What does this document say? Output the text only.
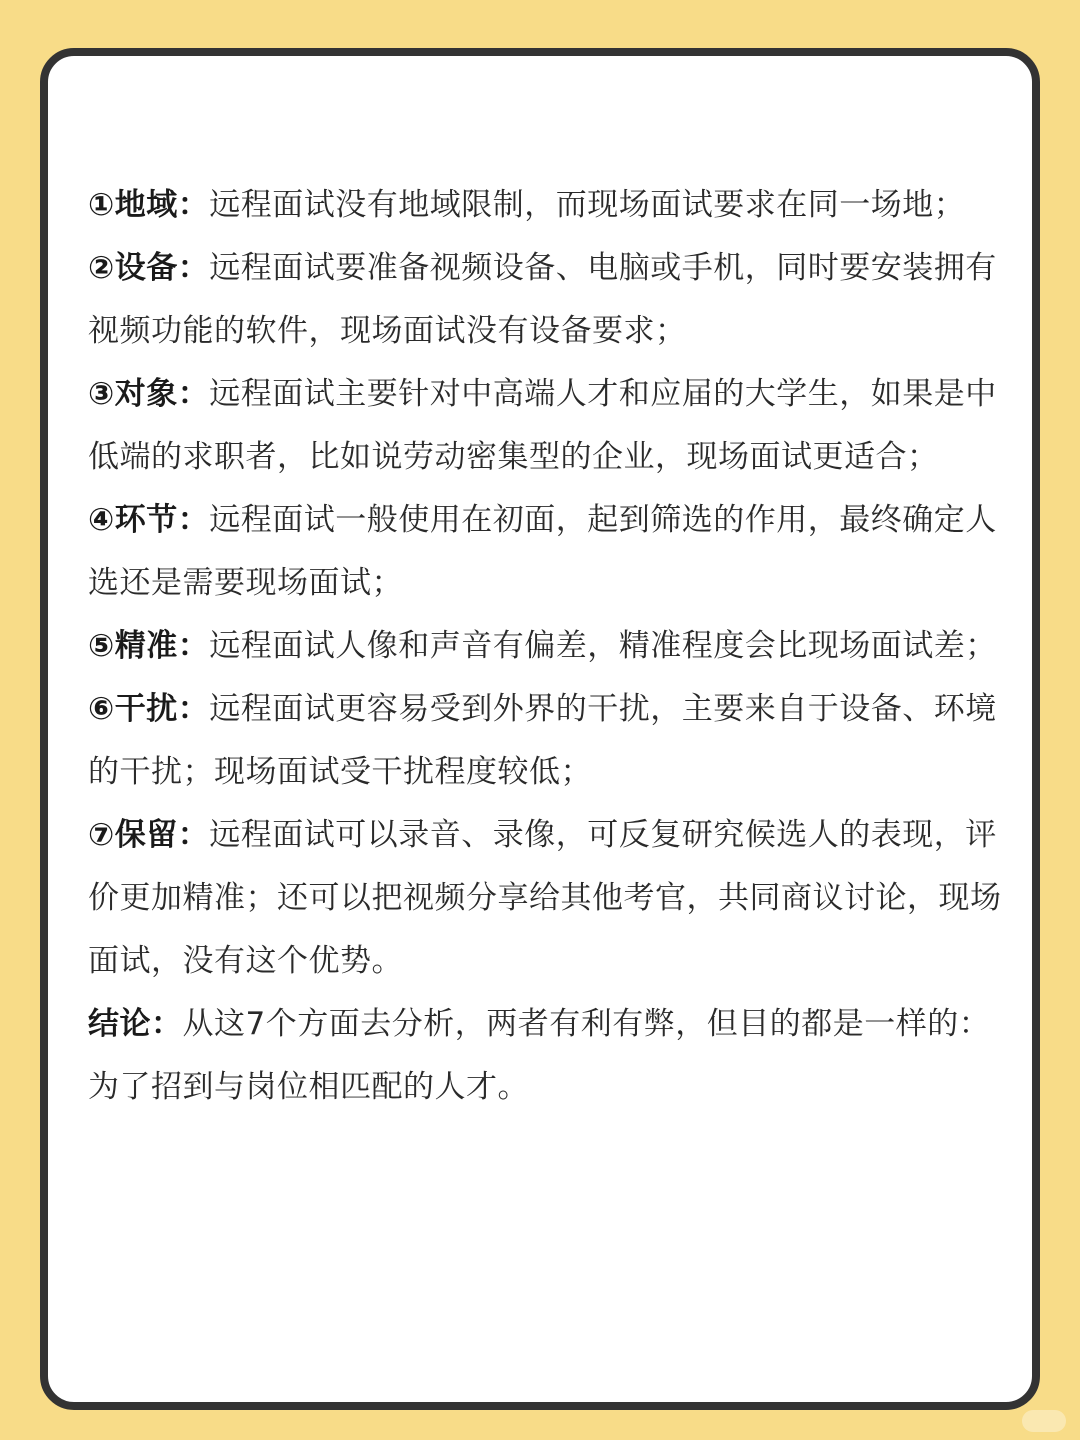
①地域：远程面试没有地域限制，而现场面试要求在同一场地；

②设备：远程面试要准备视频设备、电脑或手机，同时要安装拥有视频功能的软件，现场面试没有设备要求；

③对象：远程面试主要针对中高端人才和应届的大学生，如果是中低端的求职者，比如说劳动密集型的企业，现场面试更适合；

④环节：远程面试一般使用在初面，起到筛选的作用，最终确定人选还是需要现场面试；

⑤精准：远程面试人像和声音有偏差，精准程度会比现场面试差；

⑥干扰：远程面试更容易受到外界的干扰，主要来自于设备、环境的干扰；现场面试受干扰程度较低；

⑦保留：远程面试可以录音、录像，可反复研究候选人的表现，评价更加精准；还可以把视频分享给其他考官，共同商议讨论，现场面试，没有这个优势。

结论：从这7个方面去分析，两者有利有弊，但目的都是一样的：为了招到与岗位相匹配的人才。
